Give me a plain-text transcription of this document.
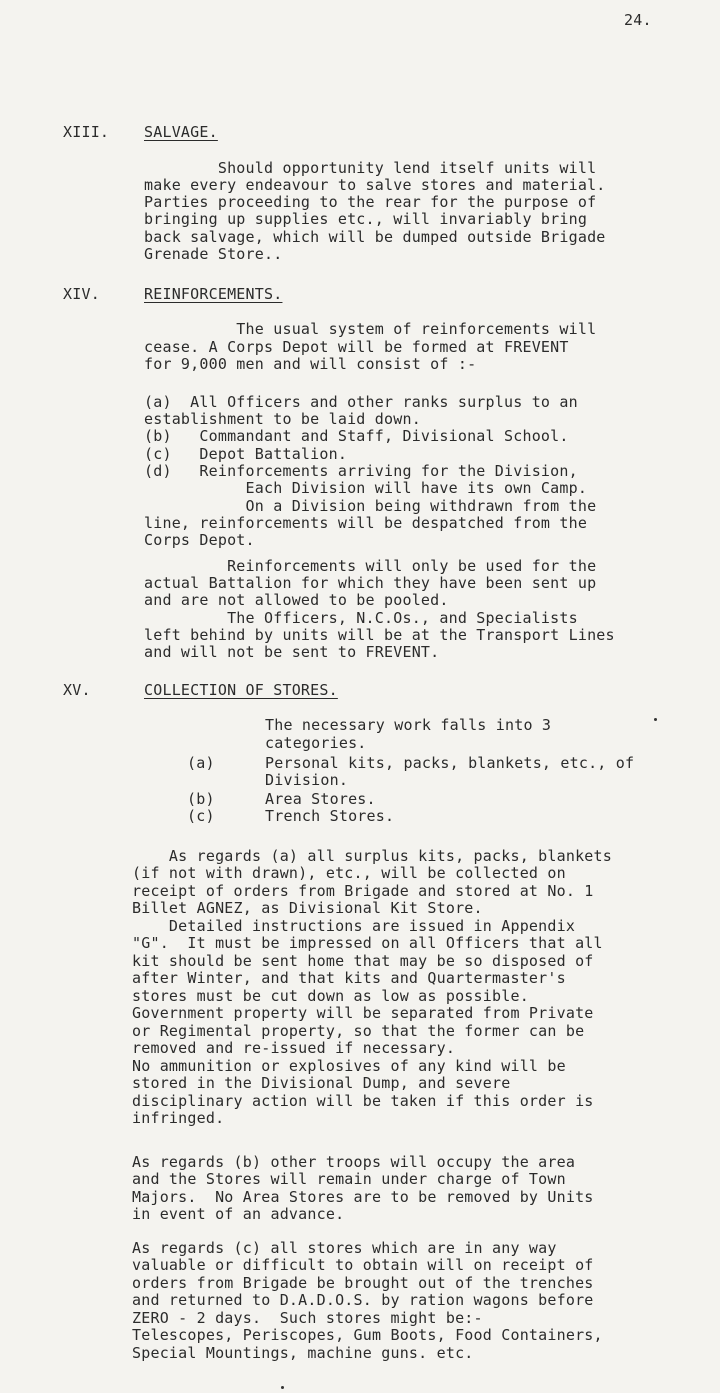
24.
XIII. SALVAGE.
Should opportunity lend itself units will
make every endeavour to salve stores and material.
Parties proceeding to the rear for the purpose of
bringing up supplies etc., will invariably bring
back salvage, which will be dumped outside Brigade
Grenade Store..
XIV.	REINFORCEMENTS.
The usual system of reinforcements will
cease. A Corps Depot will be formed at FREVENT
for 9,000 men and will consist of :-
(a)  All Officers and other ranks surplus to an
establishment to be laid down.
(b)   Commandant and Staff, Divisional School.
(c)   Depot Battalion.
(d)   Reinforcements arriving for the Division,
Each Division will have its own Camp.
On a Division being withdrawn from the
line, reinforcements will be despatched from the
Corps Depot.
Reinforcements will only be used for the
actual Battalion for which they have been sent up
and are not allowed to be pooled.
The Officers, N.C.Os., and Specialists
left behind by units will be at the Transport Lines
and will not be sent to FREVENT.
XV.	COLLECTION OF STORES.
The necessary work falls into 3
categories.
(a)	Personal kits, packs, blankets, etc., of
Division.
(b)	Area Stores.
(c)	Trench Stores.
As regards (a) all surplus kits, packs, blankets
(if not with drawn), etc., will be collected on
receipt of orders from Brigade and stored at No. 1
Billet AGNEZ, as Divisional Kit Store.
Detailed instructions are issued in Appendix
"G".  It must be impressed on all Officers that all
kit should be sent home that may be so disposed of
after Winter, and that kits and Quartermaster's
stores must be cut down as low as possible.
Government property will be separated from Private
or Regimental property, so that the former can be
removed and re-issued if necessary.
No ammunition or explosives of any kind will be
stored in the Divisional Dump, and severe
disciplinary action will be taken if this order is
infringed.
As regards (b) other troops will occupy the area
and the Stores will remain under charge of Town
Majors.  No Area Stores are to be removed by Units
in event of an advance.
As regards (c) all stores which are in any way
valuable or difficult to obtain will on receipt of
orders from Brigade be brought out of the trenches
and returned to D.A.D.O.S. by ration wagons before
ZERO - 2 days.  Such stores might be:-
Telescopes, Periscopes, Gum Boots, Food Containers,
Special Mountings, machine guns. etc.
